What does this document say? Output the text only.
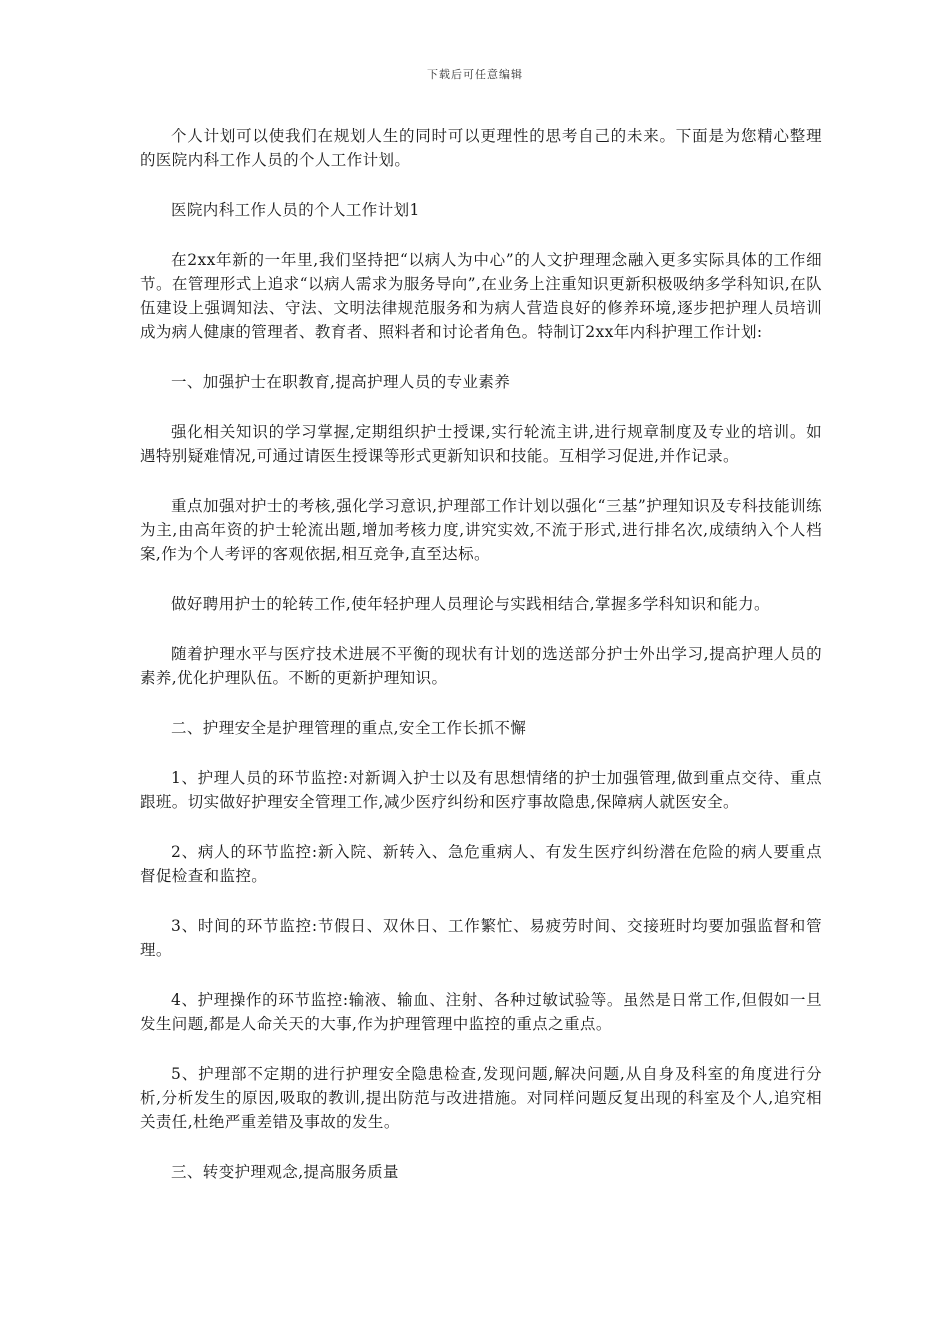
下载后可任意编辑

个人计划可以使我们在规划人生的同时可以更理性的思考自己的未来。下面是为您精心整理的医院内科工作人员的个人工作计划。

医院内科工作人员的个人工作计划1

在2xx年新的一年里,我们坚持把“以病人为中心”的人文护理理念融入更多实际具体的工作细节。在管理形式上追求“以病人需求为服务导向”,在业务上注重知识更新积极吸纳多学科知识,在队伍建设上强调知法、守法、文明法律规范服务和为病人营造良好的修养环境,逐步把护理人员培训成为病人健康的管理者、教育者、照料者和讨论者角色。特制订2xx年内科护理工作计划:

一、加强护士在职教育,提高护理人员的专业素养

强化相关知识的学习掌握,定期组织护士授课,实行轮流主讲,进行规章制度及专业的培训。如遇特别疑难情况,可通过请医生授课等形式更新知识和技能。互相学习促进,并作记录。

重点加强对护士的考核,强化学习意识,护理部工作计划以强化“三基”护理知识及专科技能训练为主,由高年资的护士轮流出题,增加考核力度,讲究实效,不流于形式,进行排名次,成绩纳入个人档案,作为个人考评的客观依据,相互竞争,直至达标。

做好聘用护士的轮转工作,使年轻护理人员理论与实践相结合,掌握多学科知识和能力。

随着护理水平与医疗技术进展不平衡的现状有计划的选送部分护士外出学习,提高护理人员的素养,优化护理队伍。不断的更新护理知识。

二、护理安全是护理管理的重点,安全工作长抓不懈

1、护理人员的环节监控:对新调入护士以及有思想情绪的护士加强管理,做到重点交待、重点跟班。切实做好护理安全管理工作,减少医疗纠纷和医疗事故隐患,保障病人就医安全。

2、病人的环节监控:新入院、新转入、急危重病人、有发生医疗纠纷潜在危险的病人要重点督促检查和监控。

3、时间的环节监控:节假日、双休日、工作繁忙、易疲劳时间、交接班时均要加强监督和管理。

4、护理操作的环节监控:输液、输血、注射、各种过敏试验等。虽然是日常工作,但假如一旦发生问题,都是人命关天的大事,作为护理管理中监控的重点之重点。

5、护理部不定期的进行护理安全隐患检查,发现问题,解决问题,从自身及科室的角度进行分析,分析发生的原因,吸取的教训,提出防范与改进措施。对同样问题反复出现的科室及个人,追究相关责任,杜绝严重差错及事故的发生。

三、转变护理观念,提高服务质量
